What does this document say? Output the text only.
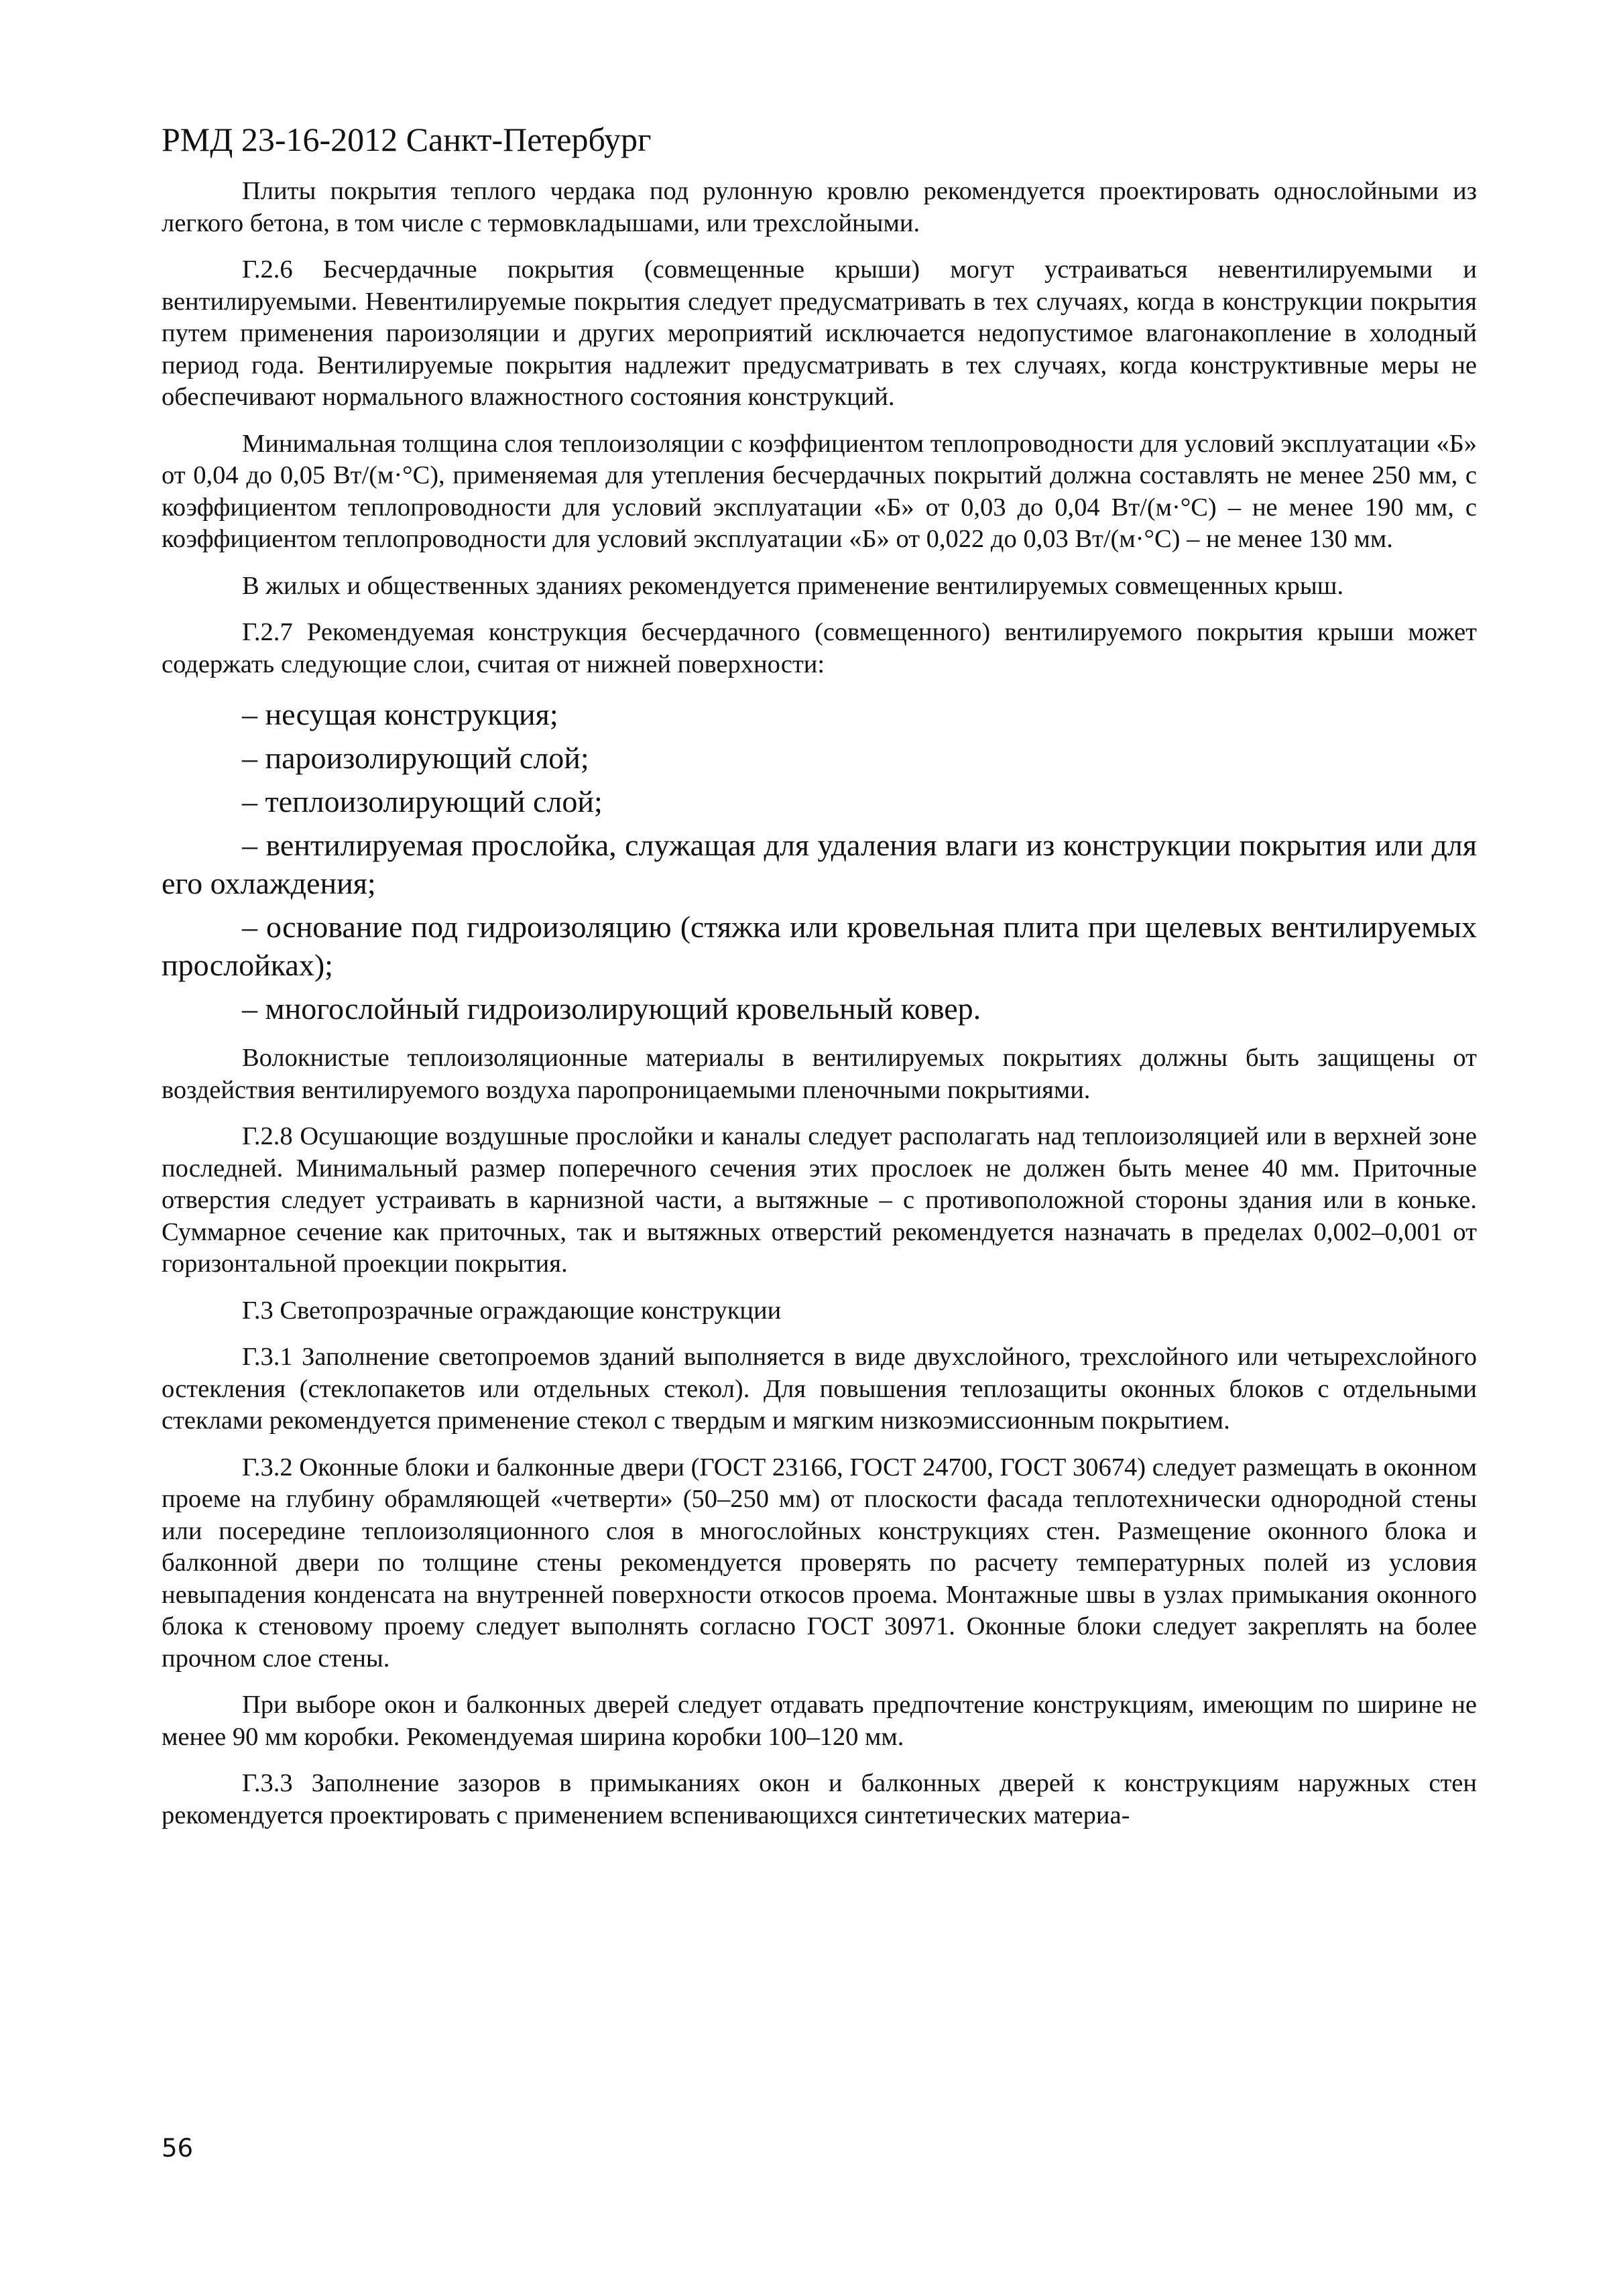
РМД 23-16-2012 Санкт-Петербург

Плиты покрытия теплого чердака под рулонную кровлю рекомендуется проектировать однослойными из легкого бетона, в том числе с термовкладышами, или трехслойными.

Г.2.6 Бесчердачные покрытия (совмещенные крыши) могут устраиваться невентилируемыми и вентилируемыми. Невентилируемые покрытия следует предусматривать в тех случаях, когда в конструкции покрытия путем применения пароизоляции и других мероприятий исключается недопустимое влагонакопление в холодный период года. Вентилируемые покрытия надлежит предусматривать в тех случаях, когда конструктивные меры не обеспечивают нормального влажностного состояния конструкций.

Минимальная толщина слоя теплоизоляции с коэффициентом теплопроводности для условий эксплуатации «Б» от 0,04 до 0,05 Вт/(м·°С), применяемая для утепления бесчердачных покрытий должна составлять не менее 250 мм, с коэффициентом теплопроводности для условий эксплуатации «Б» от 0,03 до 0,04 Вт/(м·°С) – не менее 190 мм, с коэффициентом теплопроводности для условий эксплуатации «Б» от 0,022 до 0,03 Вт/(м·°С) – не менее 130 мм.

В жилых и общественных зданиях рекомендуется применение вентилируемых совмещенных крыш.

Г.2.7 Рекомендуемая конструкция бесчердачного (совмещенного) вентилируемого покрытия крыши может содержать следующие слои, считая от нижней поверхности:

– несущая конструкция;
– пароизолирующий слой;
– теплоизолирующий слой;
– вентилируемая прослойка, служащая для удаления влаги из конструкции покрытия или для его охлаждения;
– основание под гидроизоляцию (стяжка или кровельная плита при щелевых вентилируемых прослойках);
– многослойный гидроизолирующий кровельный ковер.

Волокнистые теплоизоляционные материалы в вентилируемых покрытиях должны быть защищены от воздействия вентилируемого воздуха паропроницаемыми пленочными покрытиями.

Г.2.8 Осушающие воздушные прослойки и каналы следует располагать над теплоизоляцией или в верхней зоне последней. Минимальный размер поперечного сечения этих прослоек не должен быть менее 40 мм. Приточные отверстия следует устраивать в карнизной части, а вытяжные – с противоположной стороны здания или в коньке. Суммарное сечение как приточных, так и вытяжных отверстий рекомендуется назначать в пределах 0,002–0,001 от горизонтальной проекции покрытия.

Г.3 Светопрозрачные ограждающие конструкции

Г.3.1 Заполнение светопроемов зданий выполняется в виде двухслойного, трехслойного или четырехслойного остекления (стеклопакетов или отдельных стекол). Для повышения теплозащиты оконных блоков с отдельными стеклами рекомендуется применение стекол с твердым и мягким низкоэмиссионным покрытием.

Г.3.2 Оконные блоки и балконные двери (ГОСТ 23166, ГОСТ 24700, ГОСТ 30674) следует размещать в оконном проеме на глубину обрамляющей «четверти» (50–250 мм) от плоскости фасада теплотехнически однородной стены или посередине теплоизоляционного слоя в многослойных конструкциях стен. Размещение оконного блока и балконной двери по толщине стены рекомендуется проверять по расчету температурных полей из условия невыпадения конденсата на внутренней поверхности откосов проема. Монтажные швы в узлах примыкания оконного блока к стеновому проему следует выполнять согласно ГОСТ 30971. Оконные блоки следует закреплять на более прочном слое стены.

При выборе окон и балконных дверей следует отдавать предпочтение конструкциям, имеющим по ширине не менее 90 мм коробки. Рекомендуемая ширина коробки 100–120 мм.

Г.3.3 Заполнение зазоров в примыканиях окон и балконных дверей к конструкциям наружных стен рекомендуется проектировать с применением вспенивающихся синтетических материа-

56
